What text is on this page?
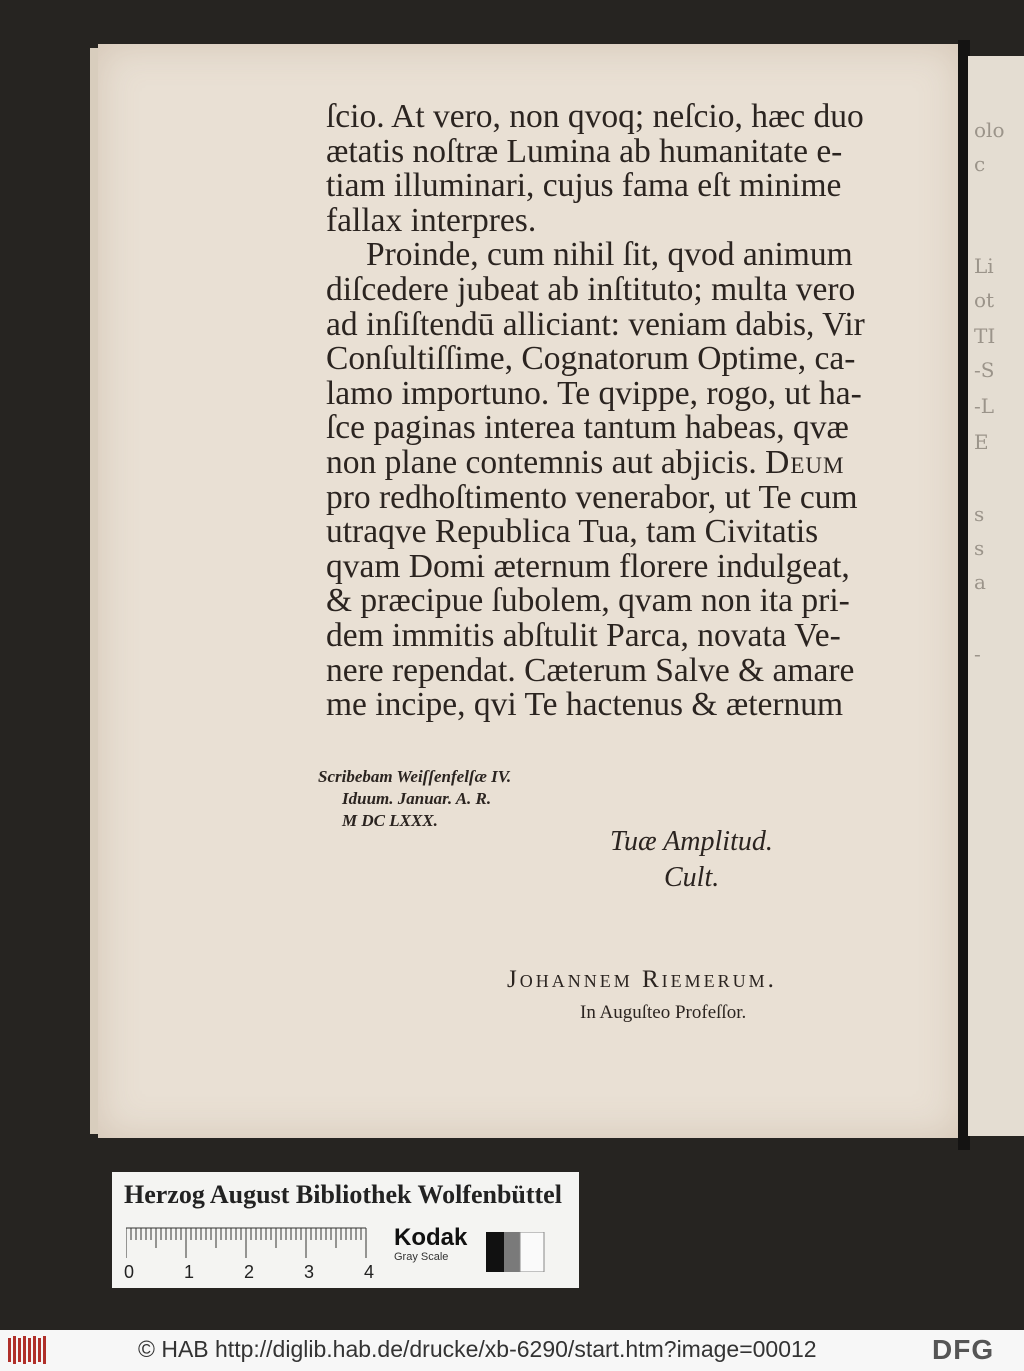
olo
c
Li
ot
TI
-S
-L
E
s
s
a
-
ſcio. At vero, non qvoq; neſcio, hæc duo
ætatis noſtræ Lumina ab humanitate e-
tiam illuminari, cujus fama eſt minime
fallax interpres.
Proinde, cum nihil ſit, qvod animum
diſcedere jubeat ab inſtituto; multa vero
ad inſiſtendū alliciant: veniam dabis, Vir
Conſultiſſime, Cognatorum Optime, ca-
lamo importuno. Te qvippe, rogo, ut ha-
ſce paginas interea tantum habeas, qvæ
non plane contemnis aut abjicis. Deum
pro redhoſtimento venerabor, ut Te cum
utraqve Republica Tua, tam Civitatis
qvam Domi æternum florere indulgeat,
& præcipue ſubolem, qvam non ita pri-
dem immitis abſtulit Parca, novata Ve-
nere rependat. Cæterum Salve & amare
me incipe, qvi Te hactenus & æternum
Scribebam Weiſſenfelſæ IV.
Iduum. Januar. A. R.
M DC LXXX.
Tuæ Amplitud.
Cult.
Johannem Riemerum.
In Auguſteo Profeſſor.
Herzog August Bibliothek Wolfenbüttel
0	1	2	3	4
Kodak
Gray Scale
© HAB http://diglib.hab.de/drucke/xb-6290/start.htm?image=00012	DFG
